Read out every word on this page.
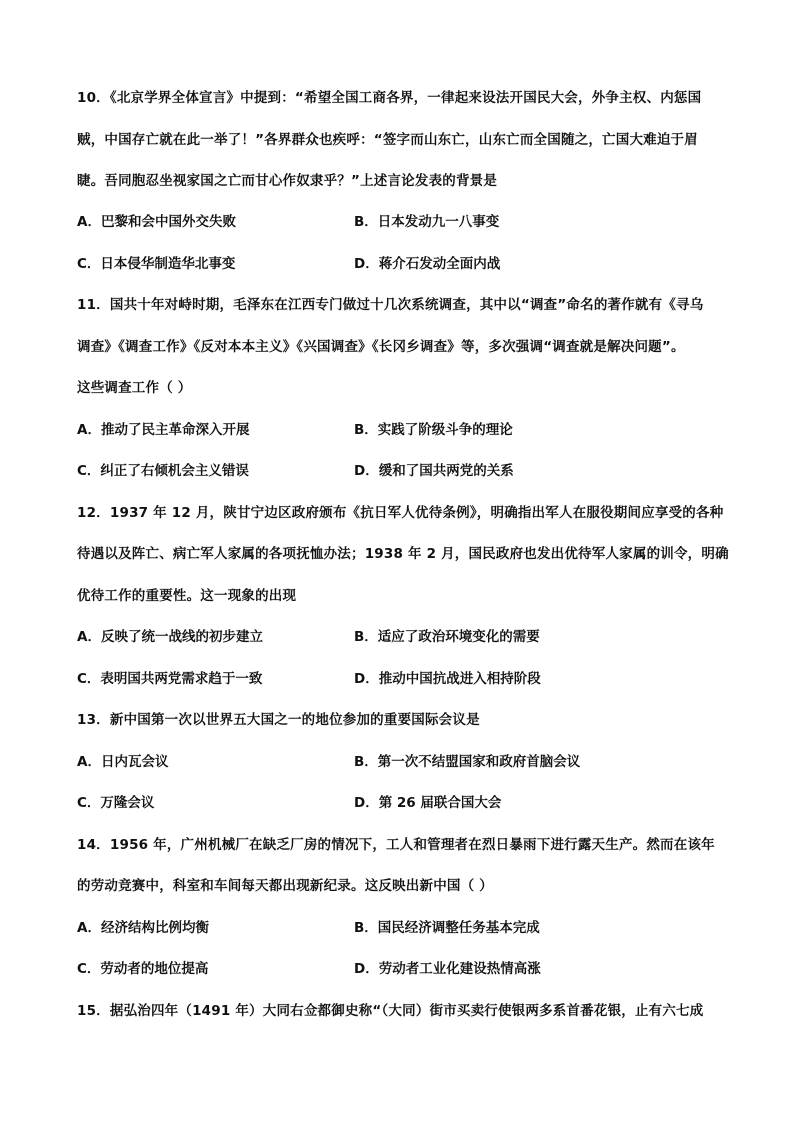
10．《北京学界全体宣言》中提到：“希望全国工商各界，一律起来设法开国民大会，外争主权、内惩国
贼，中国存亡就在此一举了！”各界群众也疾呼：“签字而山东亡，山东亡而全国随之，亡国大难迫于眉
睫。吾同胞忍坐视家国之亡而甘心作奴隶乎？”上述言论发表的背景是
A．巴黎和会中国外交失败	B．日本发动九一八事变
C．日本侵华制造华北事变	D．蒋介石发动全面内战
11．国共十年对峙时期，毛泽东在江西专门做过十几次系统调查，其中以“调查”命名的著作就有《寻乌
调查》《调查工作》《反对本本主义》《兴国调查》《长冈乡调查》等，多次强调“调查就是解决问题”。
这些调查工作（ ）
A．推动了民主革命深入开展	B．实践了阶级斗争的理论
C．纠正了右倾机会主义错误	D．缓和了国共两党的关系
12．1937 年 12 月，陕甘宁边区政府颁布《抗日军人优待条例》，明确指出军人在服役期间应享受的各种
待遇以及阵亡、病亡军人家属的各项抚恤办法；1938 年 2 月，国民政府也发出优待军人家属的训令，明确
优待工作的重要性。这一现象的出现
A．反映了统一战线的初步建立	B．适应了政治环境变化的需要
C．表明国共两党需求趋于一致	D．推动中国抗战进入相持阶段
13．新中国第一次以世界五大国之一的地位参加的重要国际会议是
A．日内瓦会议	B．第一次不结盟国家和政府首脑会议
C．万隆会议	D．第 26 届联合国大会
14．1956 年，广州机械厂在缺乏厂房的情况下，工人和管理者在烈日暴雨下进行露天生产。然而在该年
的劳动竞赛中，科室和车间每天都出现新纪录。这反映出新中国（ ）
A．经济结构比例均衡	B．国民经济调整任务基本完成
C．劳动者的地位提高	D．劳动者工业化建设热情高涨
15．据弘治四年（1491 年）大同右佥都御史称“（大同）街市买卖行使银两多系首番花银，止有六七成
